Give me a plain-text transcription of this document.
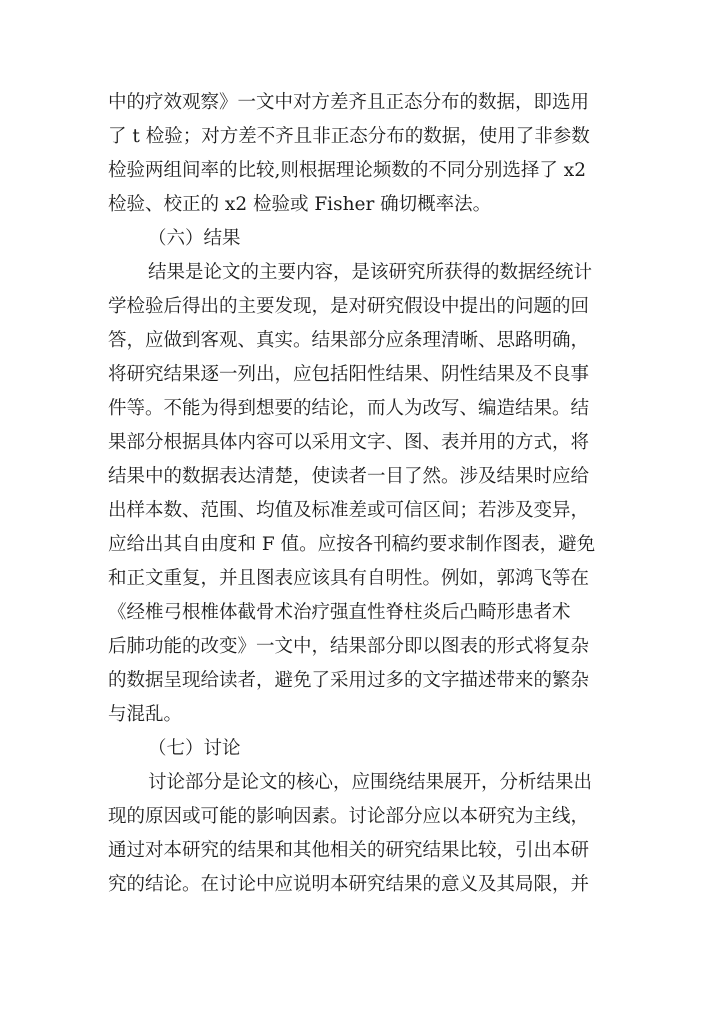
中的疗效观察》一文中对方差齐且正态分布的数据，即选用
了 t 检验；对方差不齐且非正态分布的数据，使用了非参数
检验两组间率的比较,则根据理论频数的不同分别选择了 x2
检验、校正的 x2 检验或 Fisher 确切概率法。
（六）结果
结果是论文的主要内容，是该研究所获得的数据经统计
学检验后得出的主要发现，是对研究假设中提出的问题的回
答，应做到客观、真实。结果部分应条理清晰、思路明确，
将研究结果逐一列出，应包括阳性结果、阴性结果及不良事
件等。不能为得到想要的结论，而人为改写、编造结果。结
果部分根据具体内容可以采用文字、图、表并用的方式，将
结果中的数据表达清楚，使读者一目了然。涉及结果时应给
出样本数、范围、均值及标准差或可信区间；若涉及变异，
应给出其自由度和 F 值。应按各刊稿约要求制作图表，避免
和正文重复，并且图表应该具有自明性。例如，郭鸿飞等在
《经椎弓根椎体截骨术治疗强直性脊柱炎后凸畸形患者术
后肺功能的改变》一文中，结果部分即以图表的形式将复杂
的数据呈现给读者，避免了采用过多的文字描述带来的繁杂
与混乱。
（七）讨论
讨论部分是论文的核心，应围绕结果展开，分析结果出
现的原因或可能的影响因素。讨论部分应以本研究为主线，
通过对本研究的结果和其他相关的研究结果比较，引出本研
究的结论。在讨论中应说明本研究结果的意义及其局限，并
